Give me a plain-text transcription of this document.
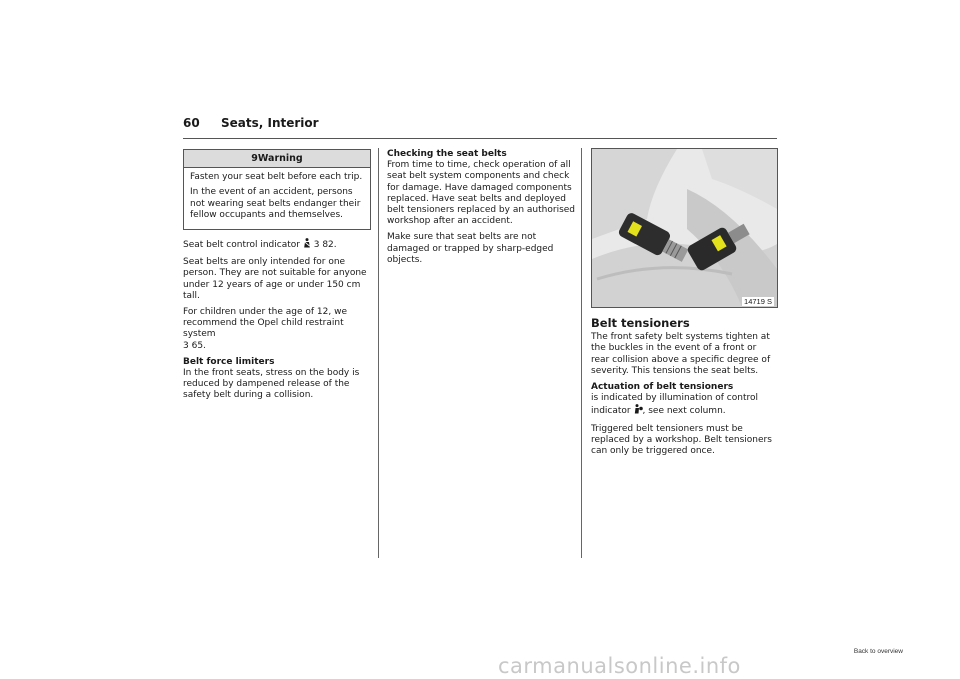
60 Seats, Interior
9Warning

Fasten your seat belt before each trip.

In the event of an accident, persons not wearing seat belts endanger their fellow occupants and themselves.

Seat belt control indicator 3 82.

Seat belts are only intended for one person. They are not suitable for anyone under 12 years of age or under 150 cm tall.

For children under the age of 12, we recommend the Opel child restraint system
3 65.

Belt force limiters
In the front seats, stress on the body is reduced by dampened release of the safety belt during a collision.

Checking the seat belts
From time to time, check operation of all seat belt system components and check for damage. Have damaged components replaced. Have seat belts and deployed belt tensioners replaced by an authorised workshop after an accident.

Make sure that seat belts are not damaged or trapped by sharp-edged objects.

14719 S
Belt tensioners

The front safety belt systems tighten at the buckles in the event of a front or rear collision above a specific degree of severity. This tensions the seat belts.

Actuation of belt tensioners
is indicated by illumination of control indicator , see next column.

Triggered belt tensioners must be replaced by a workshop. Belt tensioners can only be triggered once.

Back to overview
carmanualsonline.info
